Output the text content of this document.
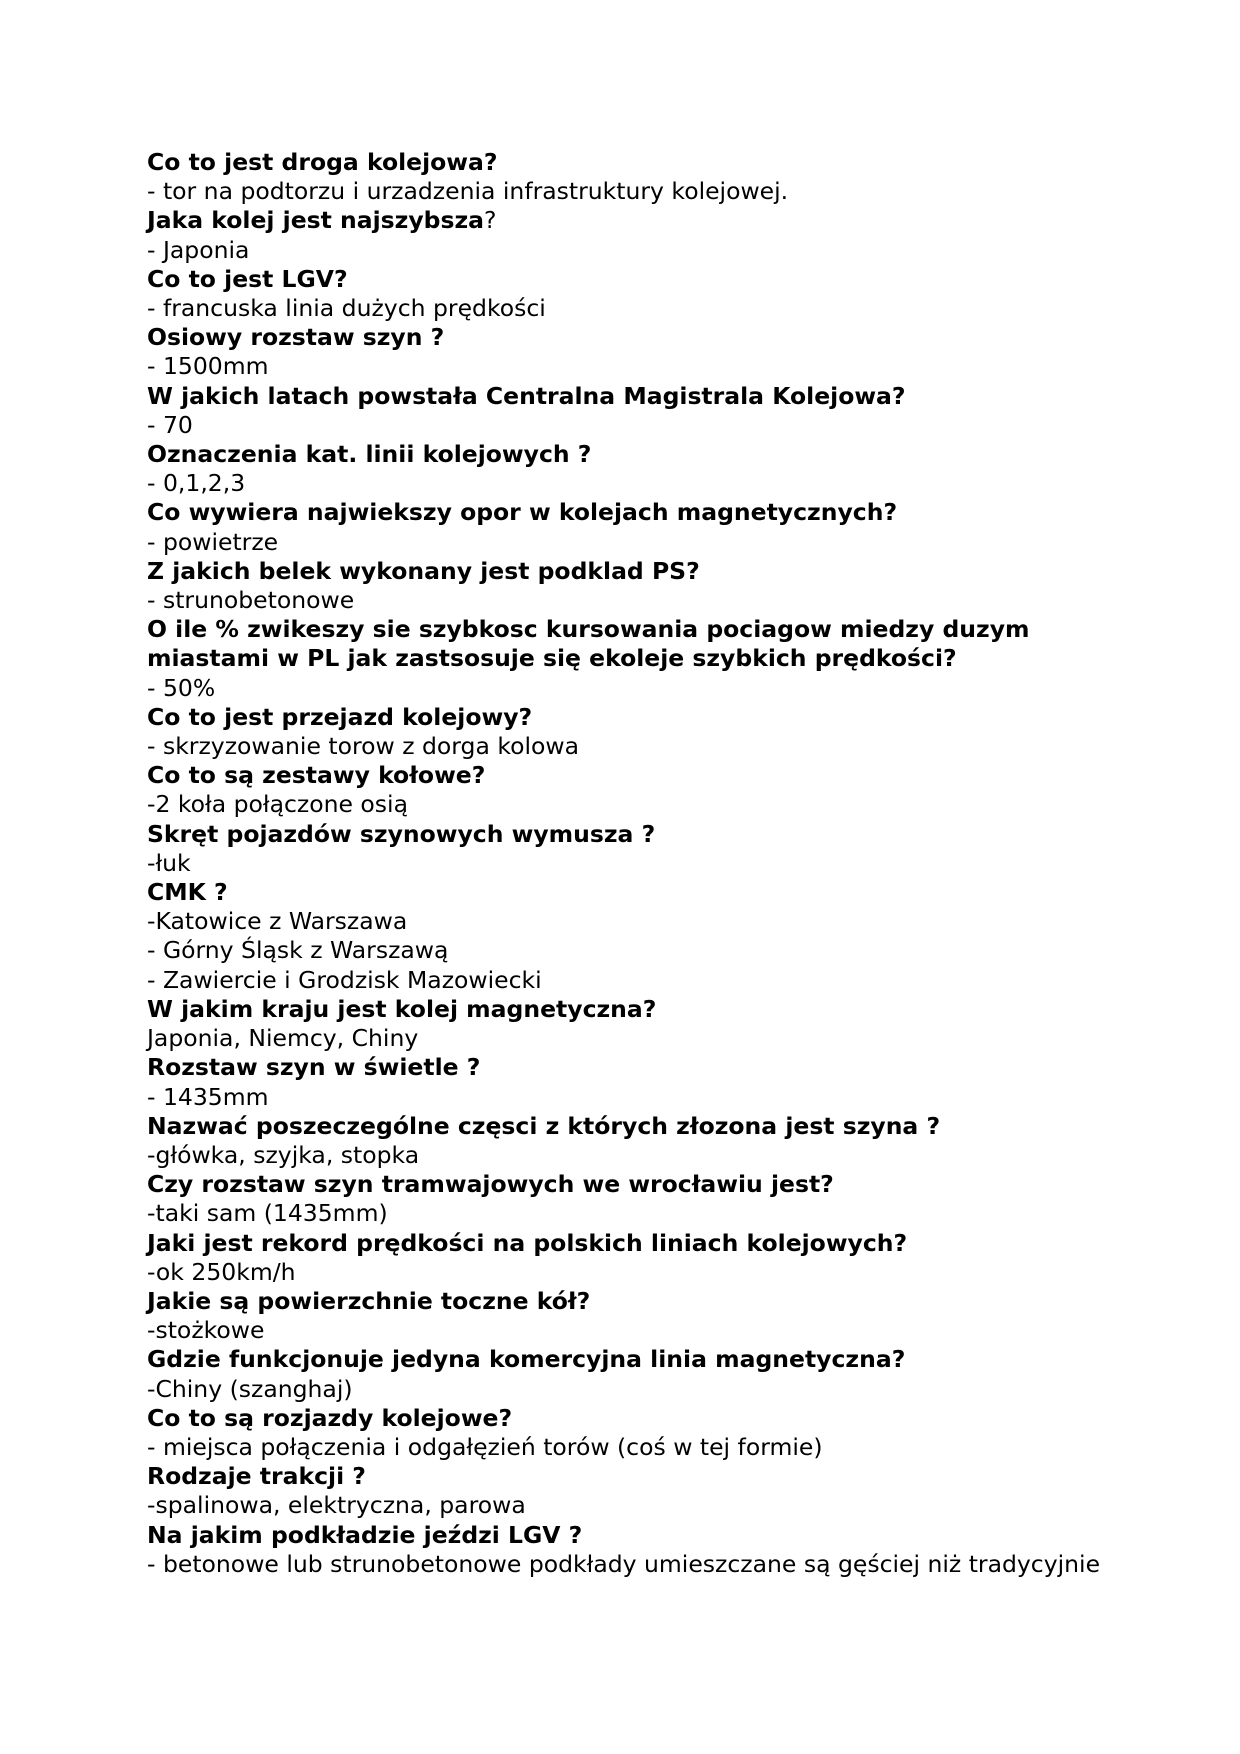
Co to jest droga kolejowa?
- tor na podtorzu i urzadzenia infrastruktury kolejowej.
Jaka kolej jest najszybsza?
- Japonia
Co to jest LGV?
- francuska linia dużych prędkości
Osiowy rozstaw szyn ?
- 1500mm
W jakich latach powstała Centralna Magistrala Kolejowa?
- 70
Oznaczenia kat. linii kolejowych ?
- 0,1,2,3
Co wywiera najwiekszy opor w kolejach magnetycznych?
- powietrze
Z jakich belek wykonany jest podklad PS?
- strunobetonowe
O ile % zwikeszy sie szybkosc kursowania pociagow miedzy duzym miastami w PL jak zastsosuje się ekoleje szybkich prędkości?
- 50%
Co to jest przejazd kolejowy?
- skrzyzowanie torow z dorga kolowa
Co to są zestawy kołowe?
-2 koła połączone osią
Skręt pojazdów szynowych wymusza ?
-łuk
CMK ?
-Katowice z Warszawa
- Górny Śląsk z Warszawą
- Zawiercie i Grodzisk Mazowiecki
W jakim kraju jest kolej magnetyczna?
Japonia, Niemcy, Chiny
Rozstaw szyn w świetle ?
- 1435mm
Nazwać poszeczególne częsci z których złozona jest szyna ?
-główka, szyjka, stopka
Czy rozstaw szyn tramwajowych we wrocławiu jest?
-taki sam (1435mm)
Jaki jest rekord prędkości na polskich liniach kolejowych?
-ok 250km/h
Jakie są powierzchnie toczne kół?
-stożkowe
Gdzie funkcjonuje jedyna komercyjna linia magnetyczna?
-Chiny (szanghaj)
Co to są rozjazdy kolejowe?
- miejsca połączenia i odgałęzień torów (coś w tej formie)
Rodzaje trakcji ?
-spalinowa, elektryczna, parowa
Na jakim podkładzie jeździ LGV ?
- betonowe lub strunobetonowe podkłady umieszczane są gęściej niż tradycyjnie
